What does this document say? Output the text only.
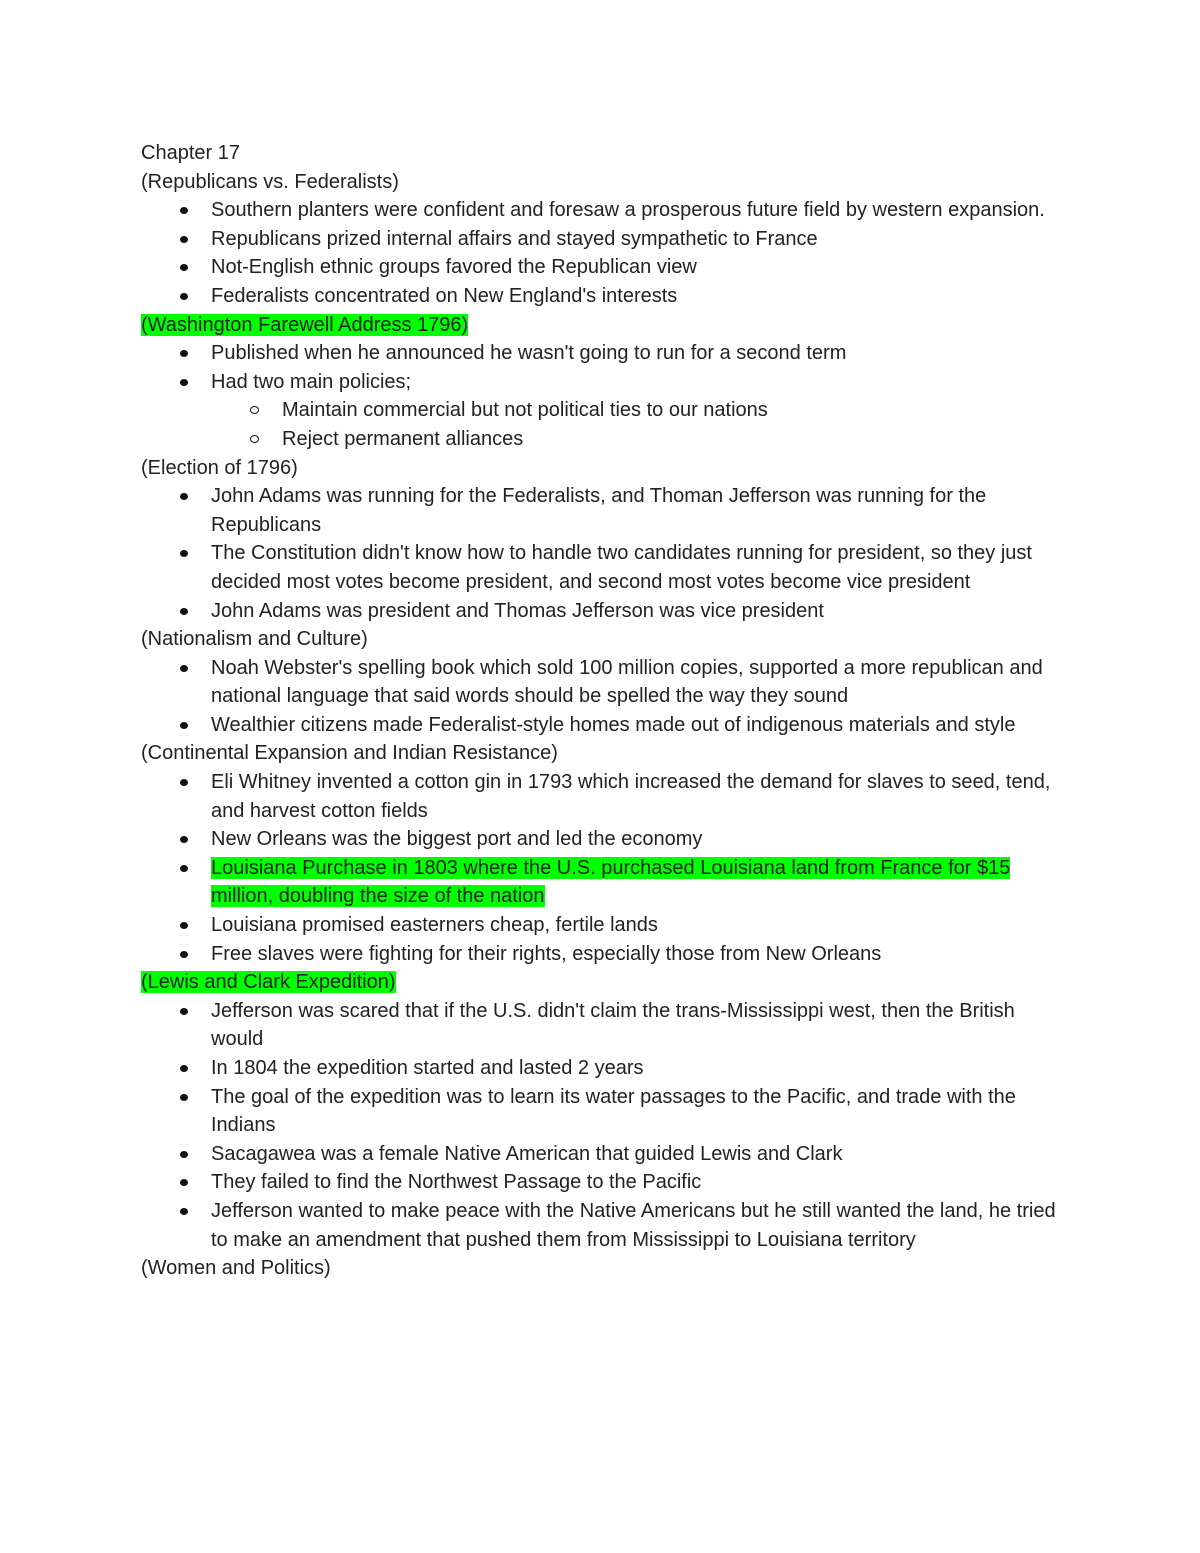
Chapter 17
(Republicans vs. Federalists)
Southern planters were confident and foresaw a prosperous future field by western expansion.
Republicans prized internal affairs and stayed sympathetic to France
Not-English ethnic groups favored the Republican view
Federalists concentrated on New England's interests
(Washington Farewell Address 1796)
Published when he announced he wasn't going to run for a second term
Had two main policies;
Maintain commercial but not political ties to our nations
Reject permanent alliances
(Election of 1796)
John Adams was running for the Federalists, and Thoman Jefferson was running for the Republicans
The Constitution didn't know how to handle two candidates running for president, so they just decided most votes become president, and second most votes become vice president
John Adams was president and Thomas Jefferson was vice president
(Nationalism and Culture)
Noah Webster's spelling book which sold 100 million copies, supported a more republican and national language that said words should be spelled the way they sound
Wealthier citizens made Federalist-style homes made out of indigenous materials and style
(Continental Expansion and Indian Resistance)
Eli Whitney invented a cotton gin in 1793 which increased the demand for slaves to seed, tend, and harvest cotton fields
New Orleans was the biggest port and led the economy
Louisiana Purchase in 1803 where the U.S. purchased Louisiana land from France for $15 million, doubling the size of the nation
Louisiana promised easterners cheap, fertile lands
Free slaves were fighting for their rights, especially those from New Orleans
(Lewis and Clark Expedition)
Jefferson was scared that if the U.S. didn't claim the trans-Mississippi west, then the British would
In 1804 the expedition started and lasted 2 years
The goal of the expedition was to learn its water passages to the Pacific, and trade with the Indians
Sacagawea was a female Native American that guided Lewis and Clark
They failed to find the Northwest Passage to the Pacific
Jefferson wanted to make peace with the Native Americans but he still wanted the land, he tried to make an amendment that pushed them from Mississippi to Louisiana territory
(Women and Politics)
